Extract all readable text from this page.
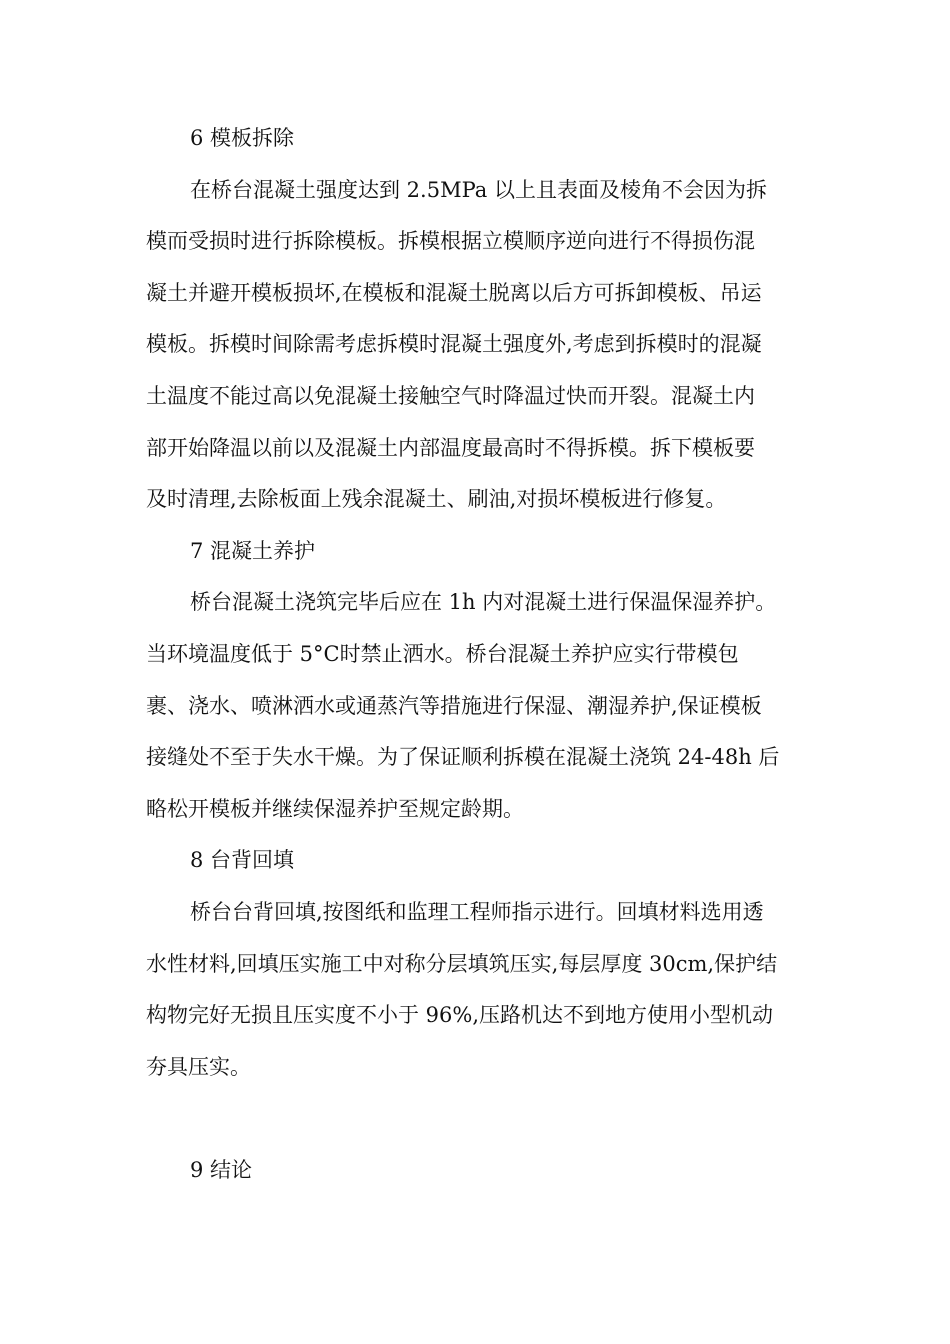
6 模板拆除
在桥台混凝土强度达到 2.5MPa 以上且表面及棱角不会因为拆
模而受损时进行拆除模板。拆模根据立模顺序逆向进行不得损伤混
凝土并避开模板损坏,在模板和混凝土脱离以后方可拆卸模板、吊运
模板。拆模时间除需考虑拆模时混凝土强度外,考虑到拆模时的混凝
土温度不能过高以免混凝土接触空气时降温过快而开裂。混凝土内
部开始降温以前以及混凝土内部温度最高时不得拆模。拆下模板要
及时清理,去除板面上残余混凝土、刷油,对损坏模板进行修复。
7 混凝土养护
桥台混凝土浇筑完毕后应在 1h 内对混凝土进行保温保湿养护。
当环境温度低于 5°C时禁止洒水。桥台混凝土养护应实行带模包
裹、浇水、喷淋洒水或通蒸汽等措施进行保湿、潮湿养护,保证模板
接缝处不至于失水干燥。为了保证顺利拆模在混凝土浇筑 24-48h 后
略松开模板并继续保湿养护至规定龄期。
8 台背回填
桥台台背回填,按图纸和监理工程师指示进行。回填材料选用透
水性材料,回填压实施工中对称分层填筑压实,每层厚度 30cm,保护结
构物完好无损且压实度不小于 96%,压路机达不到地方使用小型机动
夯具压实。
9 结论
